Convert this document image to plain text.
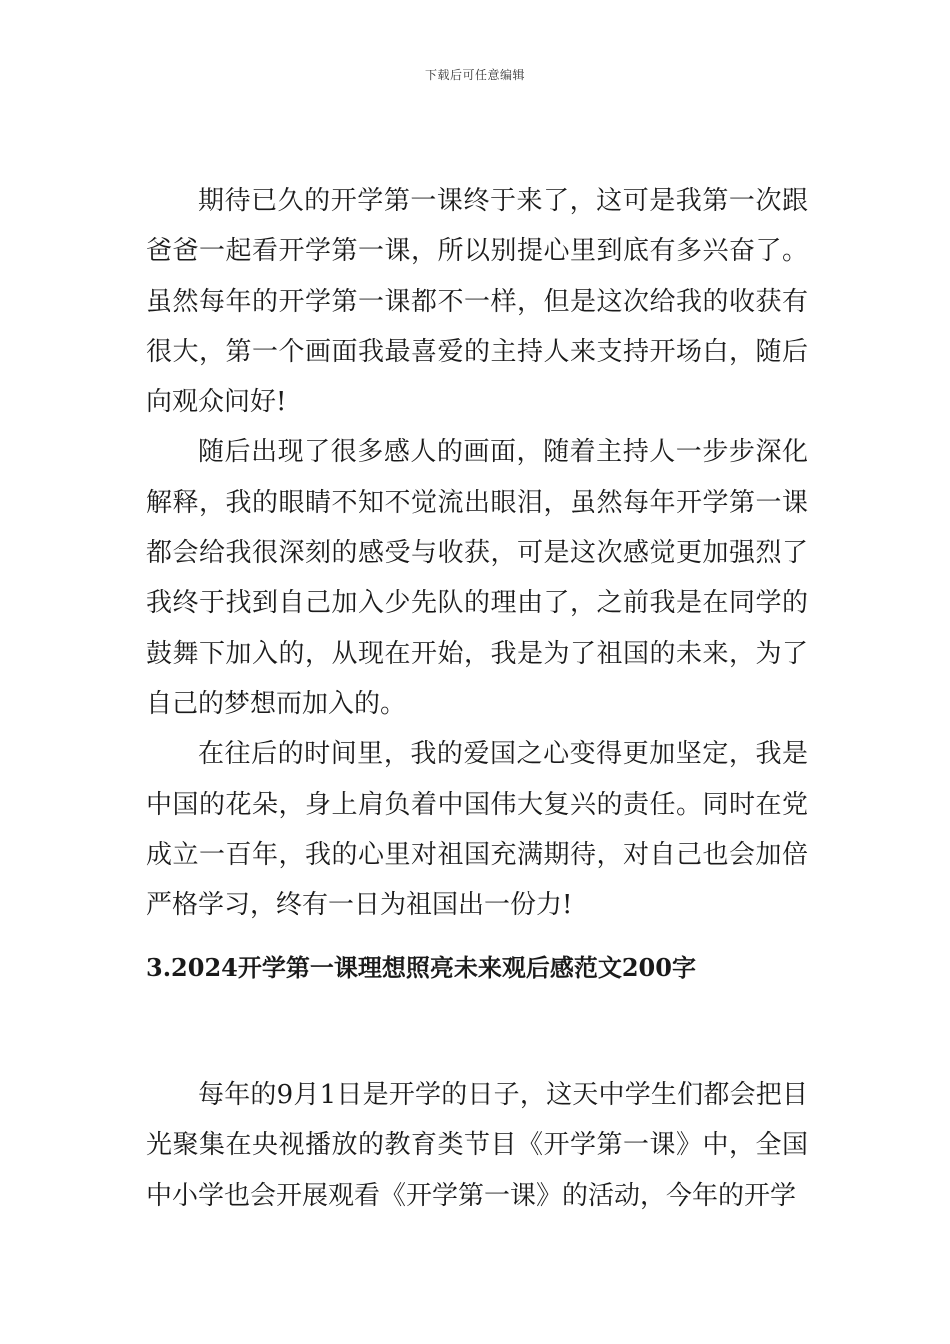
下载后可任意编辑

期待已久的开学第一课终于来了，这可是我第一次跟爸爸一起看开学第一课，所以别提心里到底有多兴奋了。虽然每年的开学第一课都不一样，但是这次给我的收获有很大，第一个画面我最喜爱的主持人来支持开场白，随后向观众问好!

随后出现了很多感人的画面，随着主持人一步步深化解释，我的眼睛不知不觉流出眼泪，虽然每年开学第一课都会给我很深刻的感受与收获，可是这次感觉更加强烈了我终于找到自己加入少先队的理由了，之前我是在同学的鼓舞下加入的，从现在开始，我是为了祖国的未来，为了自己的梦想而加入的。

在往后的时间里，我的爱国之心变得更加坚定，我是中国的花朵，身上肩负着中国伟大复兴的责任。同时在党成立一百年，我的心里对祖国充满期待，对自己也会加倍严格学习，终有一日为祖国出一份力!

3.2024开学第一课理想照亮未来观后感范文200字

每年的9月1日是开学的日子，这天中学生们都会把目光聚集在央视播放的教育类节目《开学第一课》中，全国中小学也会开展观看《开学第一课》的活动，今年的开学
